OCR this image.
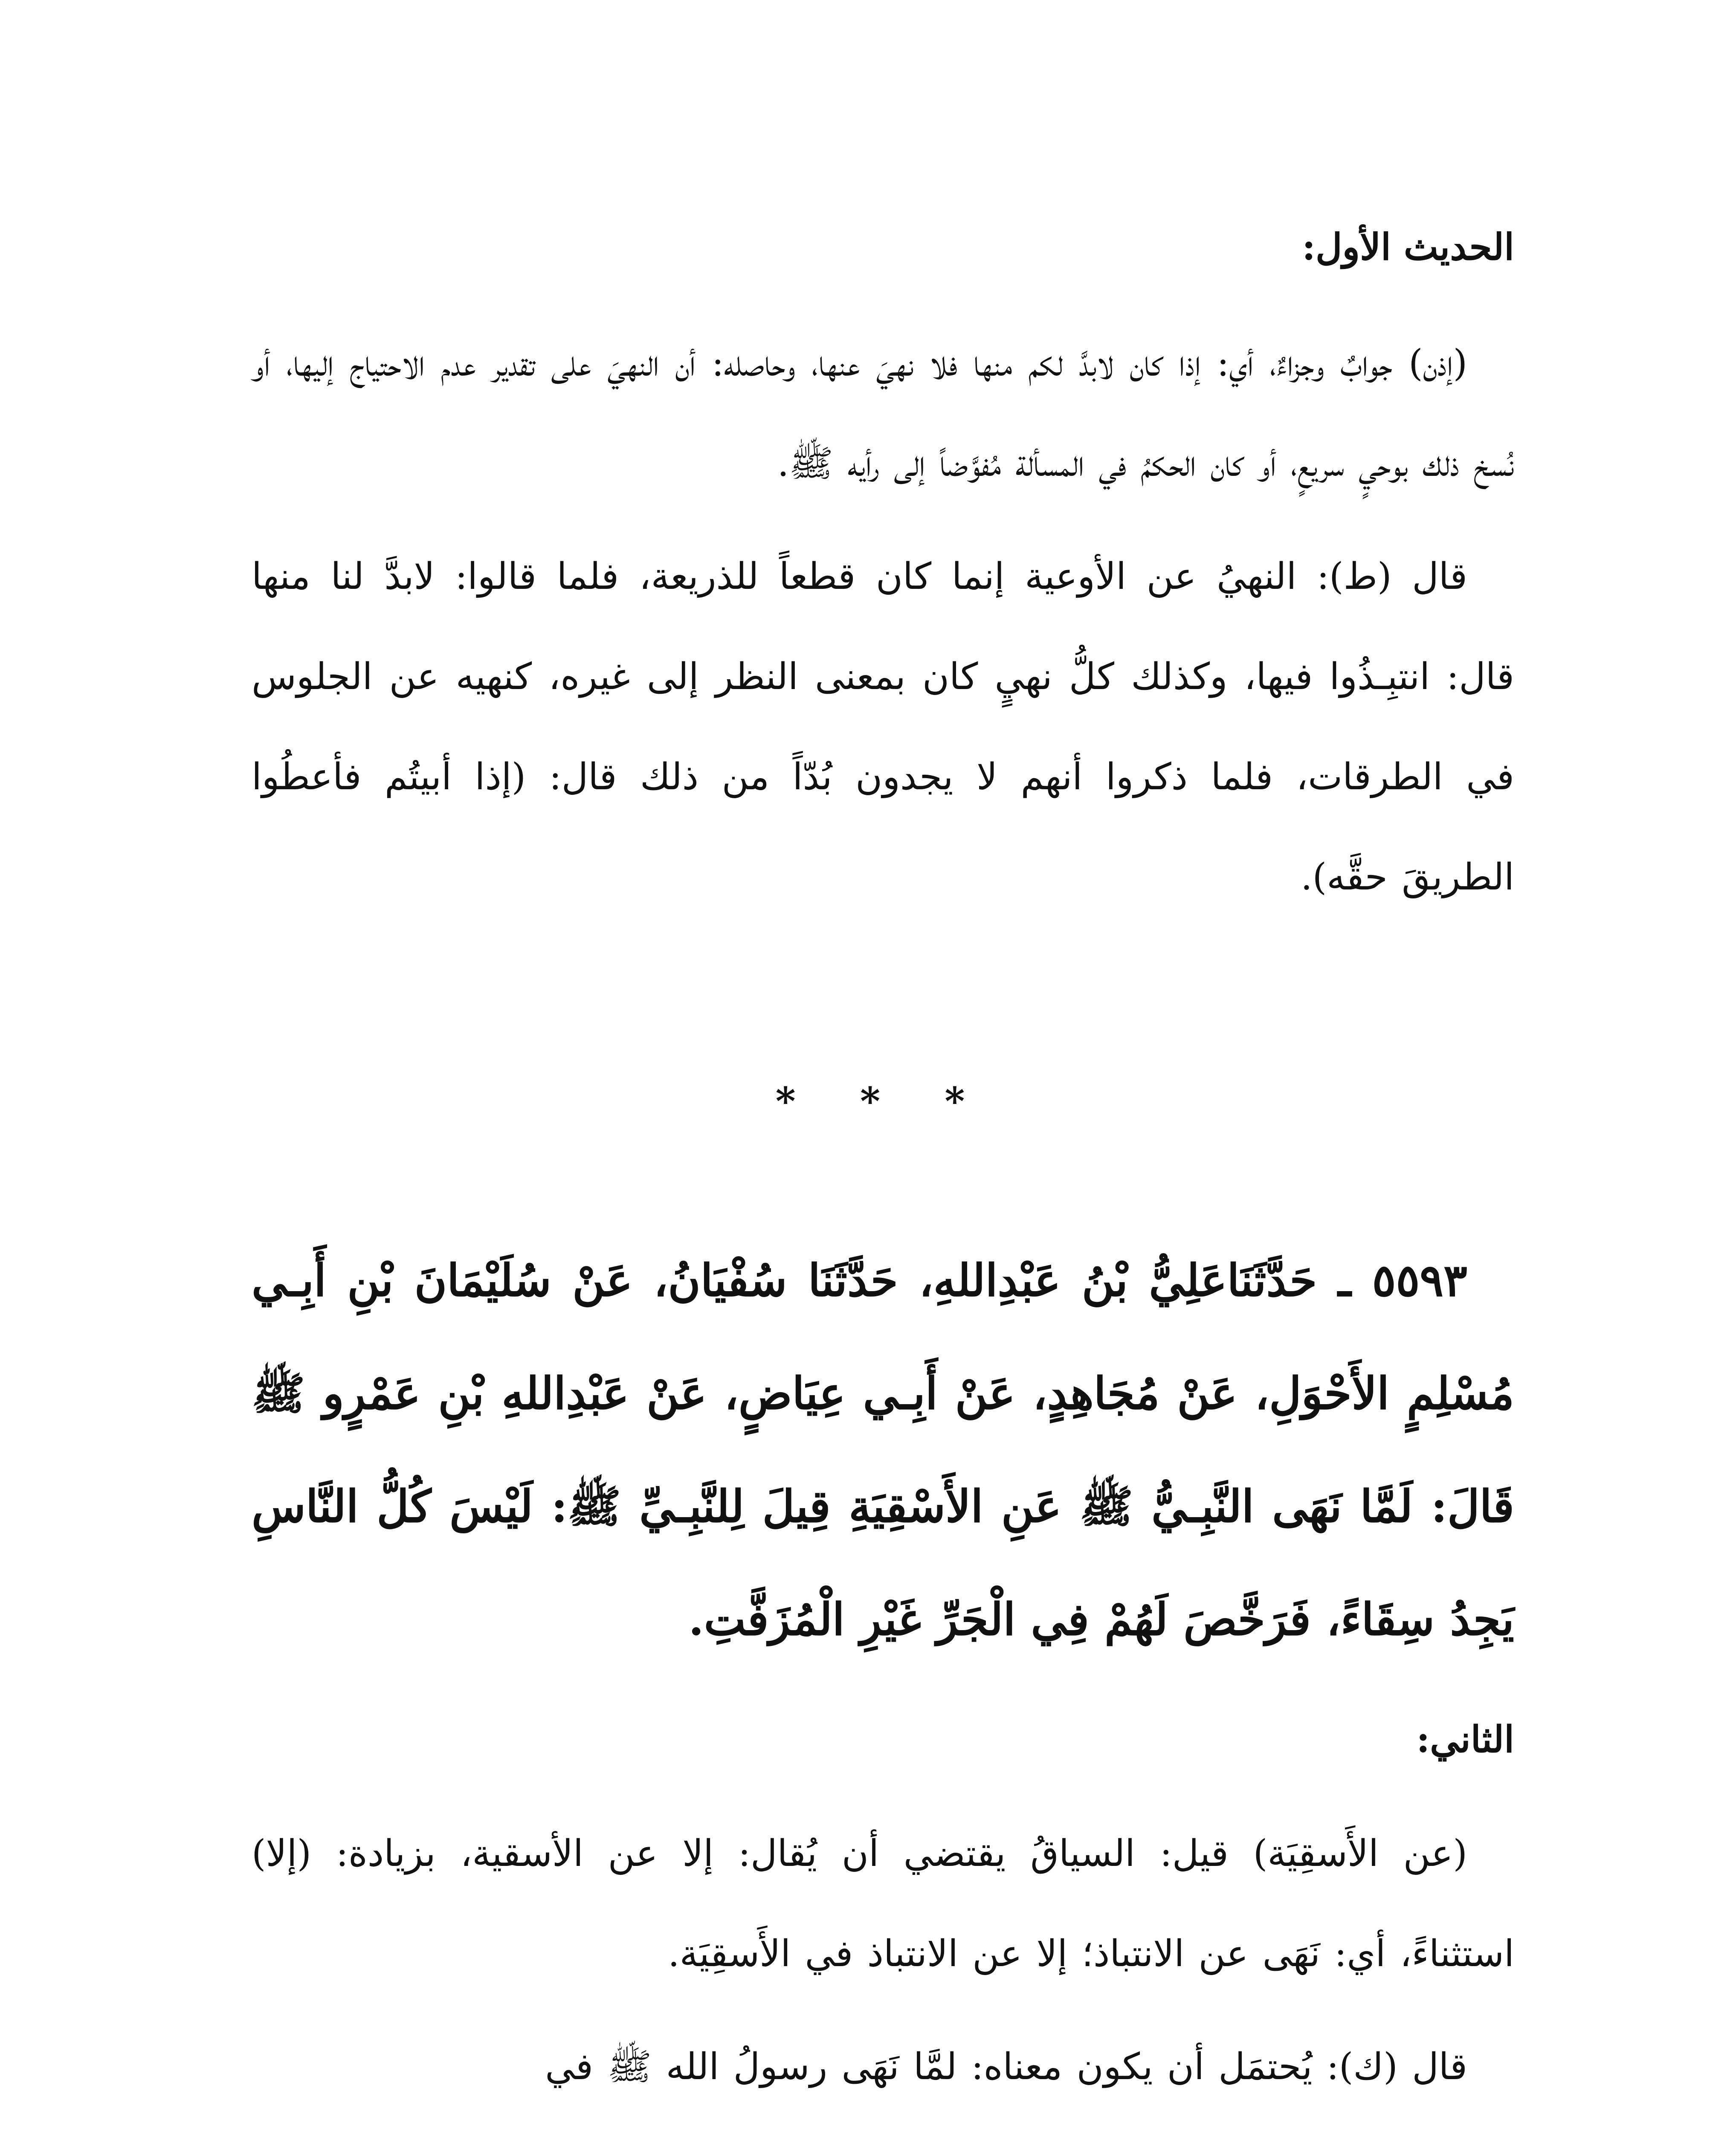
الحديث الأول:

(إذن) جوابٌ وجزاءٌ، أي: إذا كان لابدَّ لكم منها فلا نهيَ عنها، وحاصله: أن النهيَ على تقدير عدم الاحتياج إليها، أو نُسخ ذلك بوحيٍ سريعٍ، أو كان الحكمُ في المسألة مُفوَّضاً إلى رأيه ﷺ.

قال (ط): النهيُ عن الأوعية إنما كان قطعاً للذريعة، فلما قالوا: لابدَّ لنا منها قال: انتبِـذُوا فيها، وكذلك كلُّ نهيٍ كان بمعنى النظر إلى غيره، كنهيه عن الجلوس في الطرقات، فلما ذكروا أنهم لا يجدون بُدّاً من ذلك قال: (إذا أبيتُم فأعطُوا الطريقَ حقَّه).

* * *

٥٥٩٣ ـ حَدَّثَنَاعَلِيُّ بْنُ عَبْدِاللهِ، حَدَّثَنَا سُفْيَانُ، عَنْ سُلَيْمَانَ بْنِ أَبِـي مُسْلِمٍ الأَحْوَلِ، عَنْ مُجَاهِدٍ، عَنْ أَبِـي عِيَاضٍ، عَنْ عَبْدِاللهِ بْنِ عَمْرٍو ﷺ قَالَ: لَمَّا نَهَى النَّبِـيُّ ﷺ عَنِ الأَسْقِيَةِ قِيلَ لِلنَّبِـيِّ ﷺ: لَيْسَ كُلُّ النَّاسِ يَجِدُ سِقَاءً، فَرَخَّصَ لَهُمْ فِي الْجَرِّ غَيْرِ الْمُزَفَّتِ.

الثاني:

(عن الأَسقِيَة) قيل: السياقُ يقتضي أن يُقال: إلا عن الأسقية، بزيادة: (إلا) استثناءً، أي: نَهَى عن الانتباذ؛ إلا عن الانتباذ في الأَسقِيَة.

قال (ك): يُحتمَل أن يكون معناه: لمَّا نَهَى رسولُ الله ﷺ في
